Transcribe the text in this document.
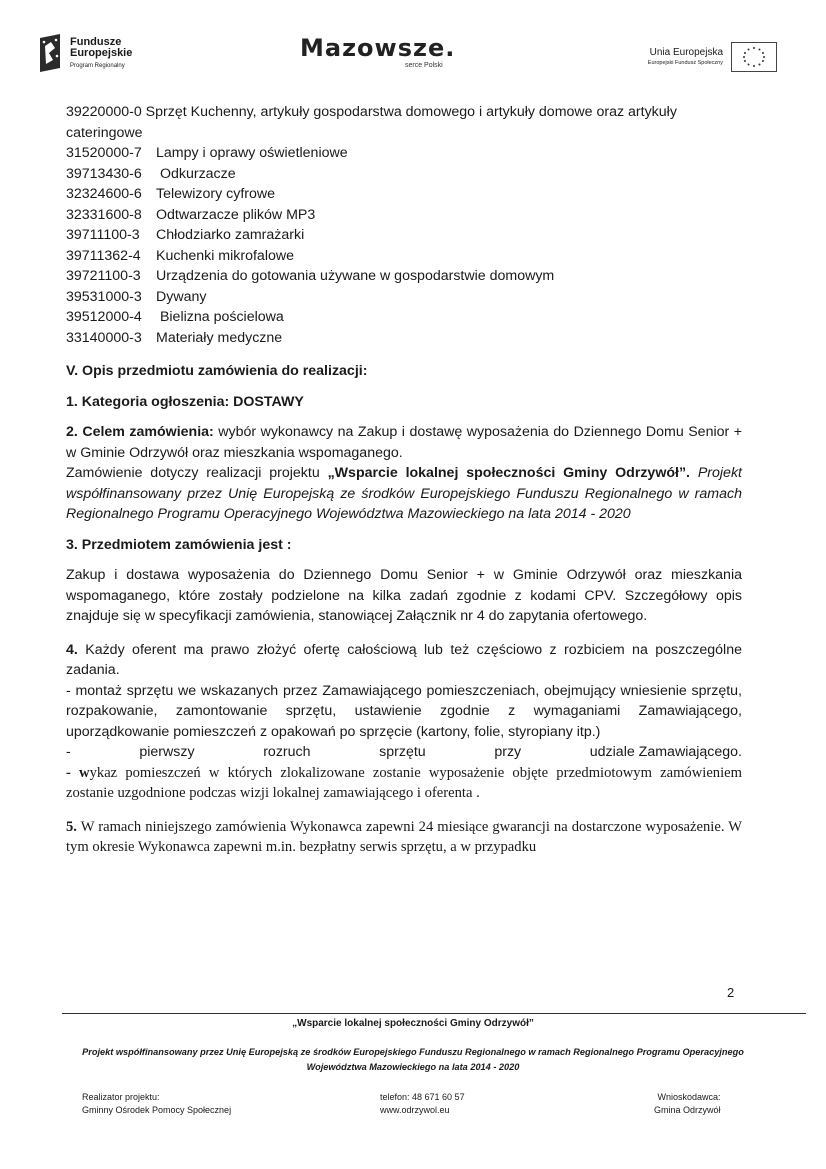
Fundusze
Europejskie
Program Regionalny
Mazowsze.
serce Polski
Unia Europejska
Europejski Fundusz Społeczny

39220000-0 Sprzęt Kuchenny, artykuły gospodarstwa domowego i artykuły domowe oraz artykuły cateringowe

31520000-7	Lampy i oprawy oświetleniowe
39713430-6	Odkurzacze
32324600-6	Telewizory cyfrowe
32331600-8	Odtwarzacze plików MP3
39711100-3	Chłodziarko zamrażarki
39711362-4	Kuchenki mikrofalowe
39721100-3	Urządzenia do gotowania używane w gospodarstwie domowym
39531000-3	Dywany
39512000-4	Bielizna pościelowa
33140000-3	Materiały medyczne

V. Opis przedmiotu zamówienia do realizacji:

1. Kategoria ogłoszenia: DOSTAWY

2. Celem zamówienia: wybór wykonawcy na Zakup i dostawę wyposażenia do Dziennego Domu Senior + w Gminie Odrzywół oraz mieszkania wspomaganego.

Zamówienie dotyczy realizacji projektu „Wsparcie lokalnej społeczności Gminy Odrzywół”. Projekt współfinansowany przez Unię Europejską ze środków Europejskiego Funduszu Regionalnego w ramach Regionalnego Programu Operacyjnego Województwa Mazowieckiego na lata 2014 - 2020

3. Przedmiotem zamówienia jest :

Zakup i dostawa wyposażenia do Dziennego Domu Senior + w Gminie Odrzywół oraz mieszkania wspomaganego, które zostały podzielone na kilka zadań zgodnie z kodami CPV. Szczegółowy opis znajduje się w specyfikacji zamówienia, stanowiącej Załącznik nr 4 do zapytania ofertowego.

4. Każdy oferent ma prawo złożyć ofertę całościową lub też częściowo z rozbiciem na poszczególne zadania.

- montaż sprzętu we wskazanych przez Zamawiającego pomieszczeniach, obejmujący wniesienie sprzętu, rozpakowanie, zamontowanie sprzętu, ustawienie zgodnie z wymaganiami Zamawiającego, uporządkowanie pomieszczeń z opakowań po sprzęcie (kartony, folie, styropiany itp.)

-	pierwszy	rozruch	sprzętu	przy	udziale Zamawiającego.

- wykaz pomieszczeń w których zlokalizowane zostanie wyposażenie objęte przedmiotowym zamówieniem zostanie uzgodnione podczas wizji lokalnej zamawiającego i oferenta .

5. W ramach niniejszego zamówienia Wykonawca zapewni 24 miesiące gwarancji na dostarczone wyposażenie. W tym okresie Wykonawca zapewni m.in. bezpłatny serwis sprzętu, a w przypadku

2
„Wsparcie lokalnej społeczności Gminy Odrzywół”
Projekt współfinansowany przez Unię Europejską ze środków Europejskiego Funduszu Regionalnego w ramach Regionalnego Programu Operacyjnego Województwa Mazowieckiego na lata 2014 - 2020
Realizator projektu:
Gminny Ośrodek Pomocy Społecznej
telefon: 48 671 60 57
www.odrzywol.eu
Wnioskodawca:
Gmina Odrzywół
